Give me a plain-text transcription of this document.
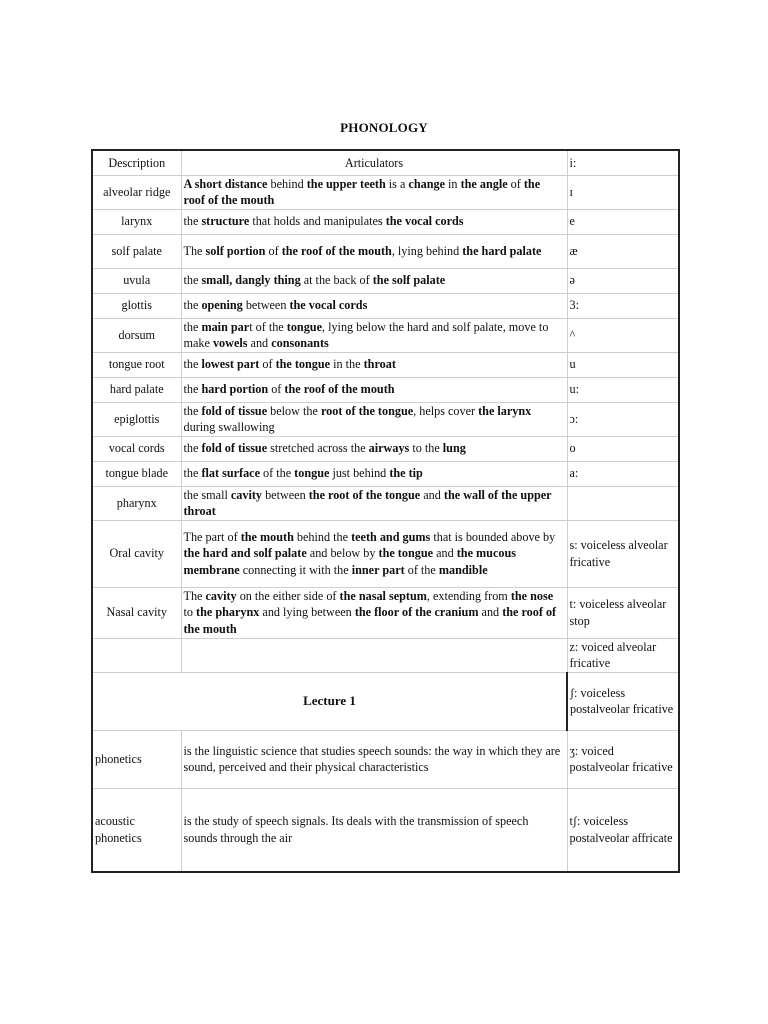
PHONOLOGY
Description	Articulators	i:
alveolar ridge	A short distance behind the upper teeth is a change in the angle of the roof of the mouth	ɪ
larynx	the structure that holds and manipulates the vocal cords	e
solf palate	The solf portion of the roof of the mouth, lying behind the hard palate	æ
uvula	the small, dangly thing at the back of the solf palate	ə
glottis	the opening between the vocal cords	3:
dorsum	the main part of the tongue, lying below the hard and solf palate, move to make vowels and consonants	^
tongue root	the lowest part of the tongue in the throat	u
hard palate	the hard portion of the roof of the mouth	u:
epiglottis	the fold of tissue below the root of the tongue, helps cover the larynx during swallowing	ɔ:
vocal cords	the fold of tissue stretched across the airways to the lung	o
tongue blade	the flat surface of the tongue just behind the tip	a:
pharynx	the small cavity between the root of the tongue and the wall of the upper throat	
Oral cavity	The part of the mouth behind the teeth and gums that is bounded above by the hard and solf palate and below by the tongue and the mucous membrane connecting it with the inner part of the mandible	s: voiceless alveolar fricative
Nasal cavity	The cavity on the either side of the nasal septum, extending from the nose to the pharynx and lying between the floor of the cranium and the roof of the mouth	t: voiceless alveolar stop
		z: voiced alveolar fricative
Lecture 1		ʃ: voiceless postalveolar fricative
phonetics	is the linguistic science that studies speech sounds: the way in which they are sound, perceived and their physical characteristics	ʒ: voiced postalveolar fricative
acoustic phonetics	is the study of speech signals. Its deals with the transmission of speech sounds through the air	tʃ: voiceless postalveolar affricate
